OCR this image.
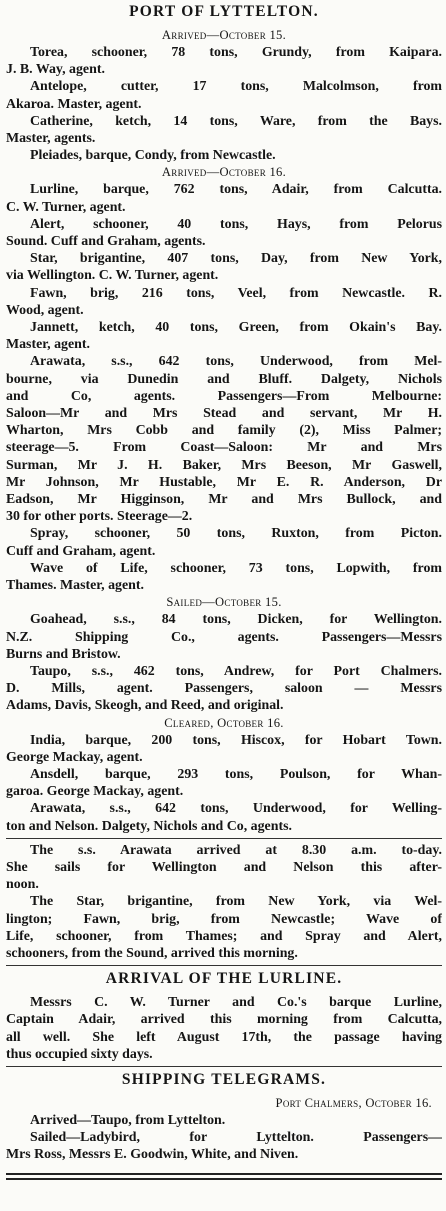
PORT OF LYTTELTON.
Arrived—October 15.
Torea, schooner, 78 tons, Grundy, from Kaipara.
J. B. Way, agent.
Antelope, cutter, 17 tons, Malcolmson, from
Akaroa. Master, agent.
Catherine, ketch, 14 tons, Ware, from the Bays.
Master, agents.
Pleiades, barque, Condy, from Newcastle.
Arrived—October 16.
Lurline, barque, 762 tons, Adair, from Calcutta.
C. W. Turner, agent.
Alert, schooner, 40 tons, Hays, from Pelorus
Sound. Cuff and Graham, agents.
Star, brigantine, 407 tons, Day, from New York,
via Wellington. C. W. Turner, agent.
Fawn, brig, 216 tons, Veel, from Newcastle. R.
Wood, agent.
Jannett, ketch, 40 tons, Green, from Okain's Bay.
Master, agent.
Arawata, s.s., 642 tons, Underwood, from Mel-
bourne, via Dunedin and Bluff. Dalgety, Nichols
and Co, agents. Passengers—From Melbourne:
Saloon—Mr and Mrs Stead and servant, Mr H.
Wharton, Mrs Cobb and family (2), Miss Palmer;
steerage—5. From Coast—Saloon: Mr and Mrs
Surman, Mr J. H. Baker, Mrs Beeson, Mr Gaswell,
Mr Johnson, Mr Hustable, Mr E. R. Anderson, Dr
Eadson, Mr Higginson, Mr and Mrs Bullock, and
30 for other ports. Steerage—2.
Spray, schooner, 50 tons, Ruxton, from Picton.
Cuff and Graham, agent.
Wave of Life, schooner, 73 tons, Lopwith, from
Thames. Master, agent.
Sailed—October 15.
Goahead, s.s., 84 tons, Dicken, for Wellington.
N.Z. Shipping Co., agents. Passengers—Messrs
Burns and Bristow.
Taupo, s.s., 462 tons, Andrew, for Port Chalmers.
D. Mills, agent. Passengers, saloon — Messrs
Adams, Davis, Skeogh, and Reed, and original.
Cleared, October 16.
India, barque, 200 tons, Hiscox, for Hobart Town.
George Mackay, agent.
Ansdell, barque, 293 tons, Poulson, for Whan-
garoa. George Mackay, agent.
Arawata, s.s., 642 tons, Underwood, for Welling-
ton and Nelson. Dalgety, Nichols and Co, agents.
The s.s. Arawata arrived at 8.30 a.m. to-day.
She sails for Wellington and Nelson this after-
noon.
The Star, brigantine, from New York, via Wel-
lington; Fawn, brig, from Newcastle; Wave of
Life, schooner, from Thames; and Spray and Alert,
schooners, from the Sound, arrived this morning.
ARRIVAL OF THE LURLINE.
Messrs C. W. Turner and Co.'s barque Lurline,
Captain Adair, arrived this morning from Calcutta,
all well. She left August 17th, the passage having
thus occupied sixty days.
SHIPPING TELEGRAMS.
Port Chalmers, October 16.
Arrived—Taupo, from Lyttelton.
Sailed—Ladybird, for Lyttelton. Passengers—
Mrs Ross, Messrs E. Goodwin, White, and Niven.
